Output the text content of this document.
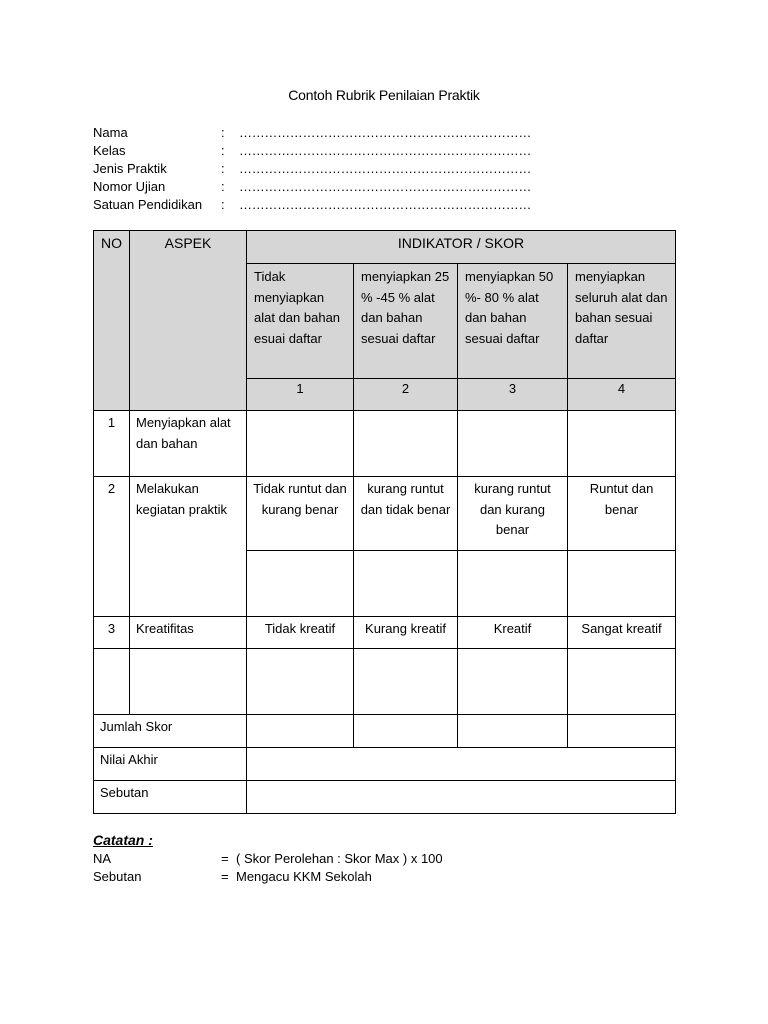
Contoh Rubrik Penilaian Praktik
Nama	: ……………………………………………………………
Kelas	: ……………………………………………………………
Jenis Praktik	: ……………………………………………………………
Nomor Ujian	: ……………………………………………………………
Satuan Pendidikan : ……………………………………………………………
NO	ASPEK	INDIKATOR / SKOR			
		Tidak menyiapkan alat dan bahan esuai daftar	menyiapkan 25 % -45 % alat dan bahan sesuai daftar	menyiapkan 50 %- 80 % alat dan bahan sesuai daftar	menyiapkan seluruh alat dan bahan sesuai daftar
		1	2	3	4
1	Menyiapkan alat dan bahan				
2	Melakukan kegiatan praktik	Tidak runtut dan kurang benar	kurang runtut dan tidak benar	kurang runtut dan kurang benar	Runtut dan benar

3	Kreatifitas	Tidak kreatif	Kurang kreatif	Kreatif	Sangat kreatif

Jumlah Skor					
Nilai Akhir					
Sebutan					
Catatan :
NA	= ( Skor Perolehan : Skor Max ) x 100
Sebutan	= Mengacu KKM Sekolah
